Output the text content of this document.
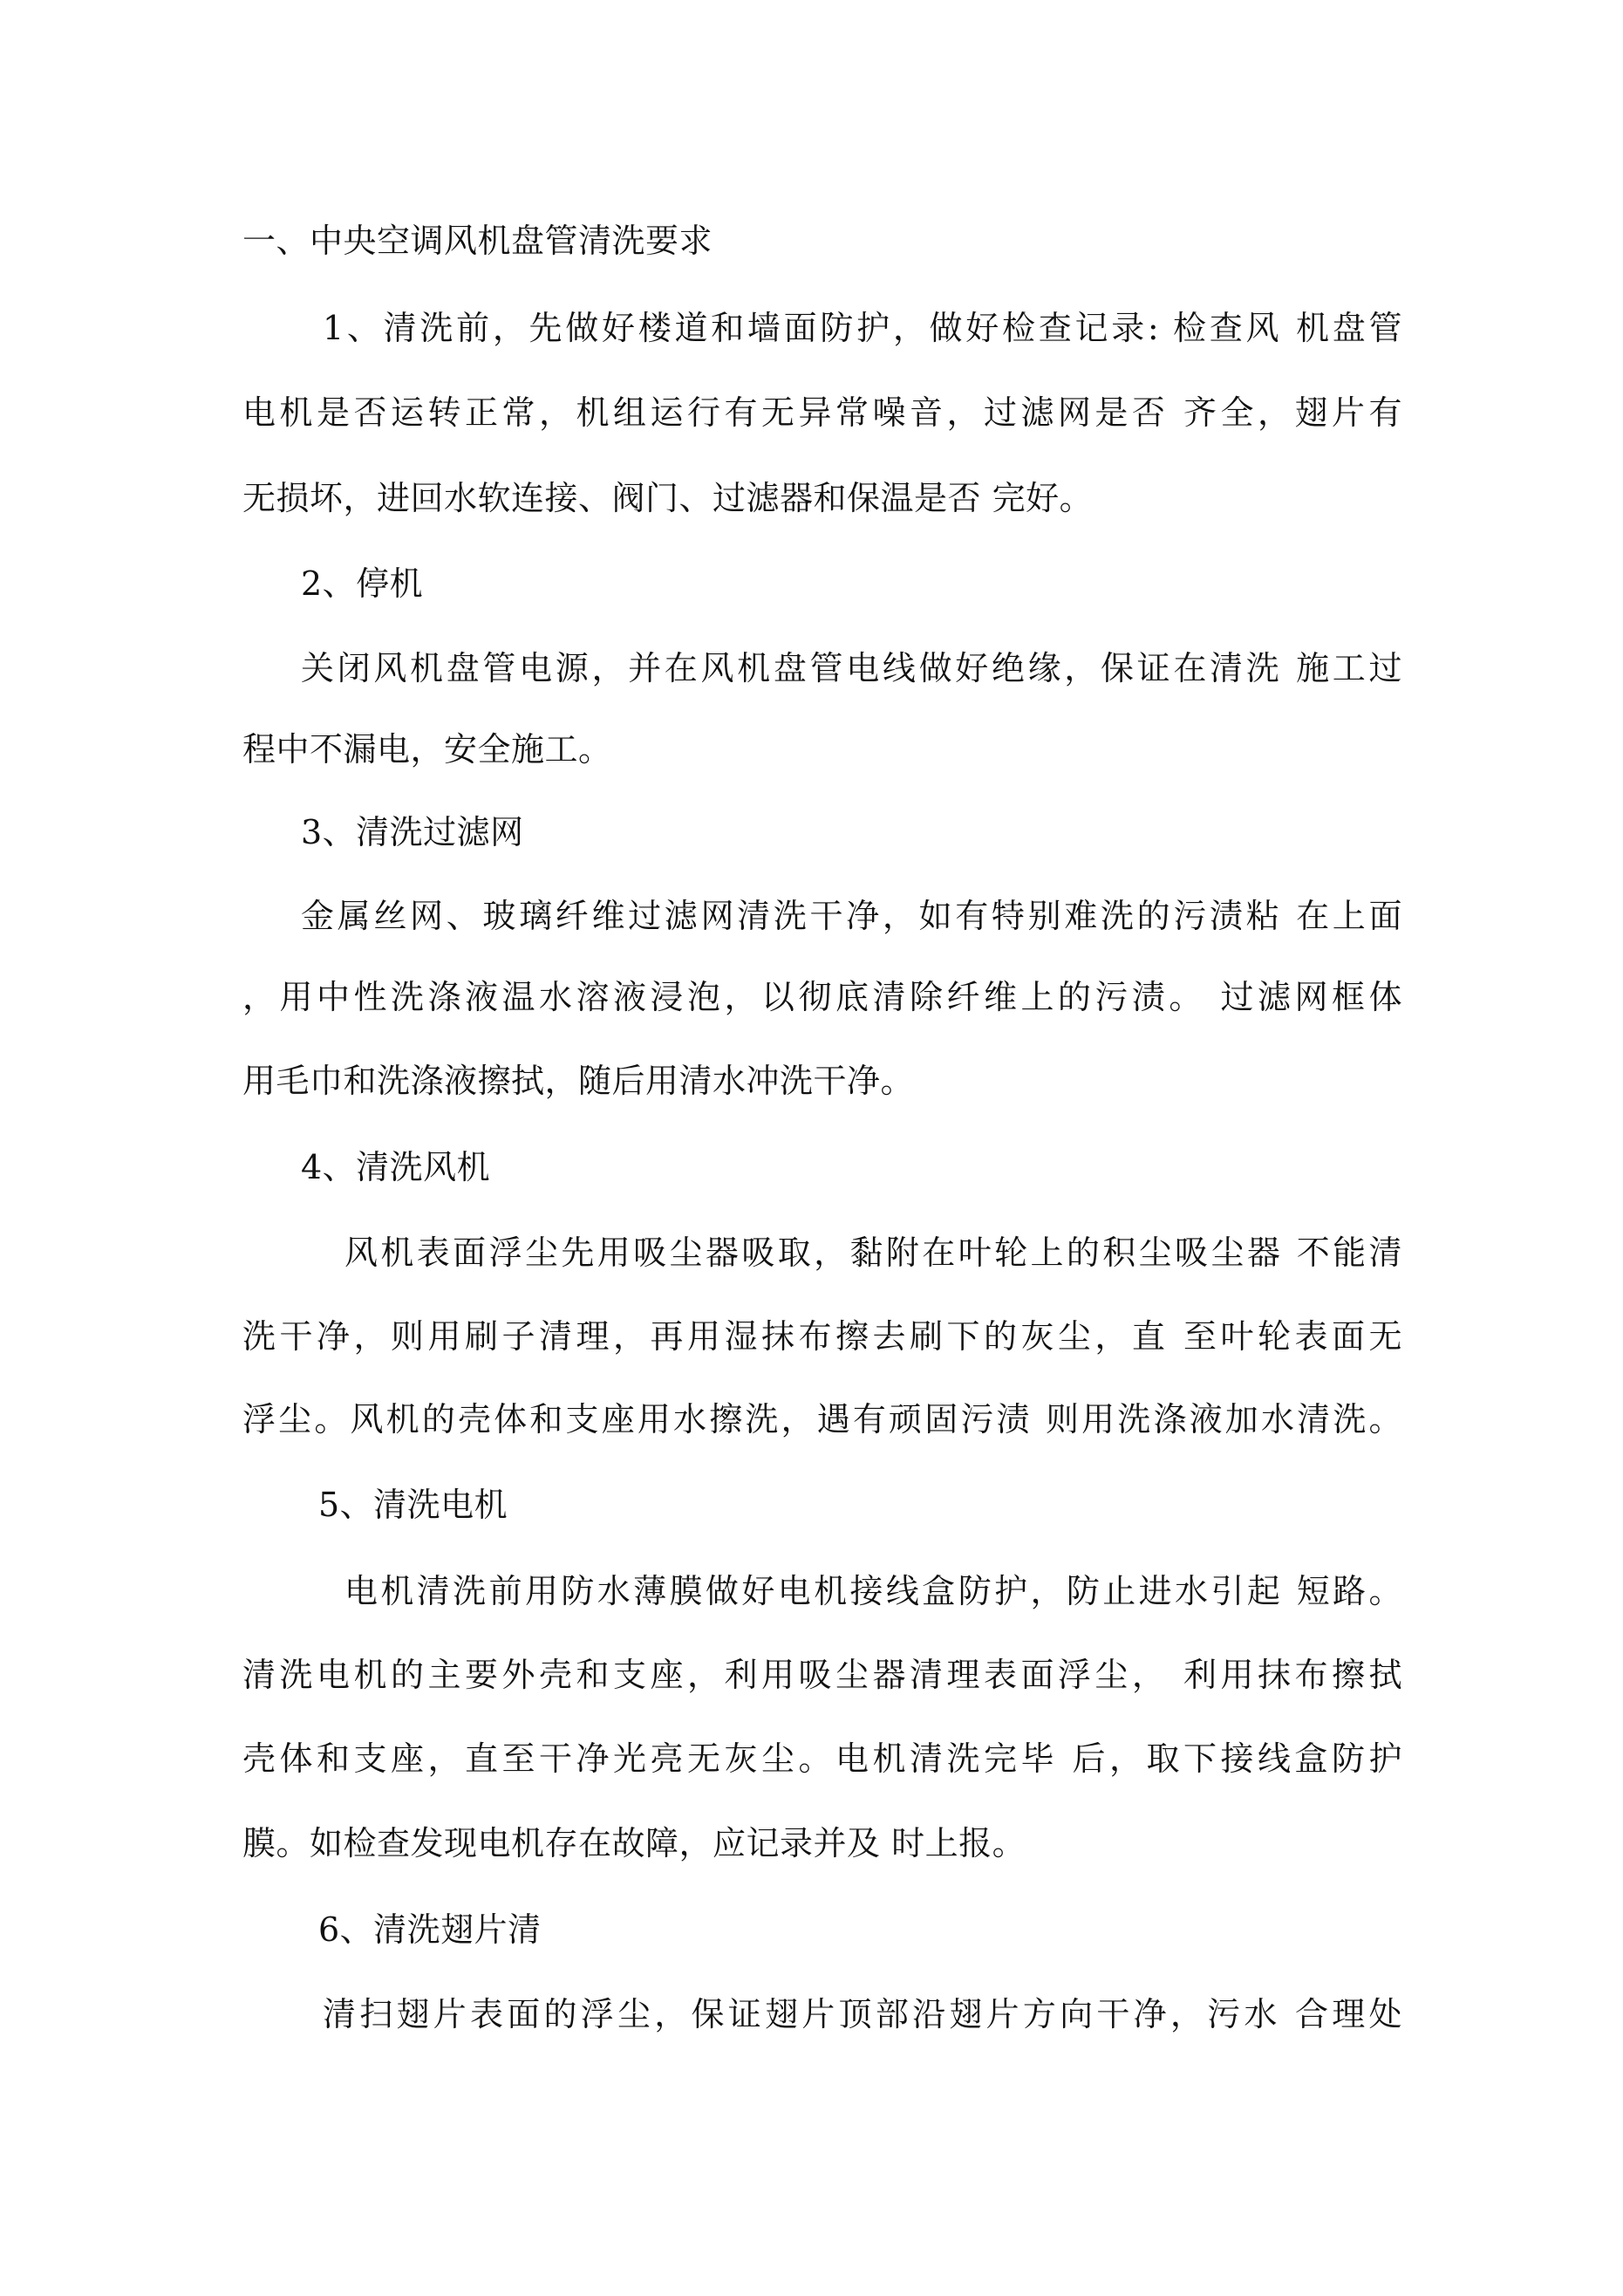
一、中央空调风机盘管清洗要求

1、清洗前，先做好楼道和墙面防护，做好检查记录: 检查风 机盘管

电机是否运转正常，机组运行有无异常噪音，过滤网是否 齐全，翅片有

无损坏，进回水软连接、阀门、过滤器和保温是否 完好。

2、停机

关闭风机盘管电源，并在风机盘管电线做好绝缘，保证在清洗 施工过

程中不漏电，安全施工。

3、清洗过滤网

金属丝网、玻璃纤维过滤网清洗干净，如有特别难洗的污渍粘 在上面

，用中性洗涤液温水溶液浸泡，以彻底清除纤维上的污渍。 过滤网框体

用毛巾和洗涤液擦拭，随后用清水冲洗干净。

4、清洗风机

风机表面浮尘先用吸尘器吸取，黏附在叶轮上的积尘吸尘器 不能清

洗干净，则用刷子清理，再用湿抹布擦去刷下的灰尘，直 至叶轮表面无

浮尘。风机的壳体和支座用水擦洗，遇有顽固污渍 则用洗涤液加水清洗。

5、清洗电机

电机清洗前用防水薄膜做好电机接线盒防护，防止进水引起 短路。

清洗电机的主要外壳和支座，利用吸尘器清理表面浮尘， 利用抹布擦拭

壳体和支座，直至干净光亮无灰尘。电机清洗完毕 后，取下接线盒防护

膜。如检查发现电机存在故障，应记录并及 时上报。

6、清洗翅片清

清扫翅片表面的浮尘，保证翅片顶部沿翅片方向干净，污水 合理处
